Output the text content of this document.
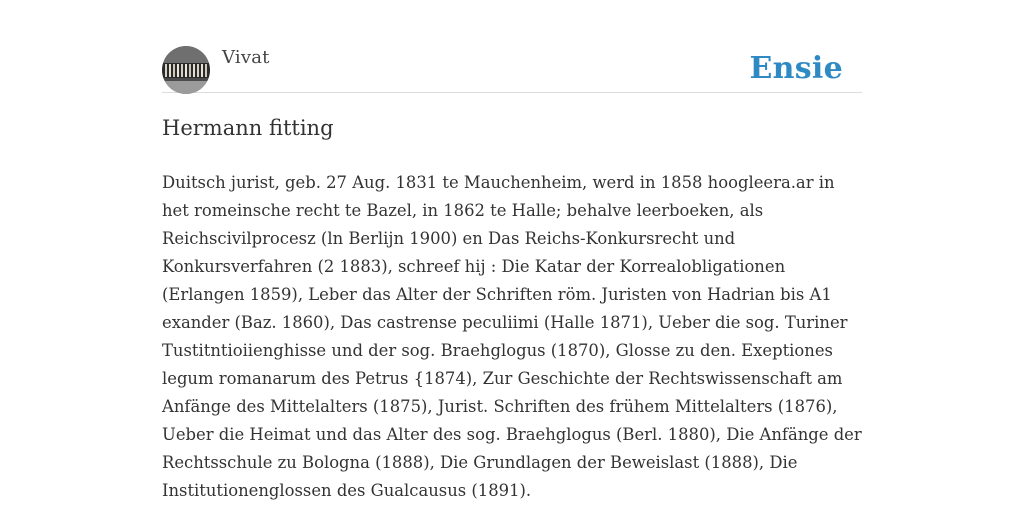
Vivat	Ensie
Hermann fitting

Duitsch jurist, geb. 27 Aug. 1831 te Mauchenheim, werd in 1858 hoogleera.ar in het romeinsche recht te Bazel, in 1862 te Halle; behalve leerboeken, als Reichscivilprocesz (ln Berlijn 1900) en Das Reichs-Konkursrecht und Konkursverfahren (2 1883), schreef hij : Die Katar der Korrealobligationen (Erlangen 1859), Leber das Alter der Schriften röm. Juristen von Hadrian bis A1 exander (Baz. 1860), Das castrense peculiimi (Halle 1871), Ueber die sog. Turiner Tustitntioiienghisse und der sog. Braehglogus (1870), Glosse zu den. Exeptiones legum romanarum des Petrus {1874), Zur Geschichte der Rechtswissenschaft am Anfänge des Mittelalters (1875), Jurist. Schriften des frühem Mittelalters (1876), Ueber die Heimat und das Alter des sog. Braehglogus (Berl. 1880), Die Anfänge der Rechtsschule zu Bologna (1888), Die Grundlagen der Beweislast (1888), Die Institutionenglossen des Gualcausus (1891).
